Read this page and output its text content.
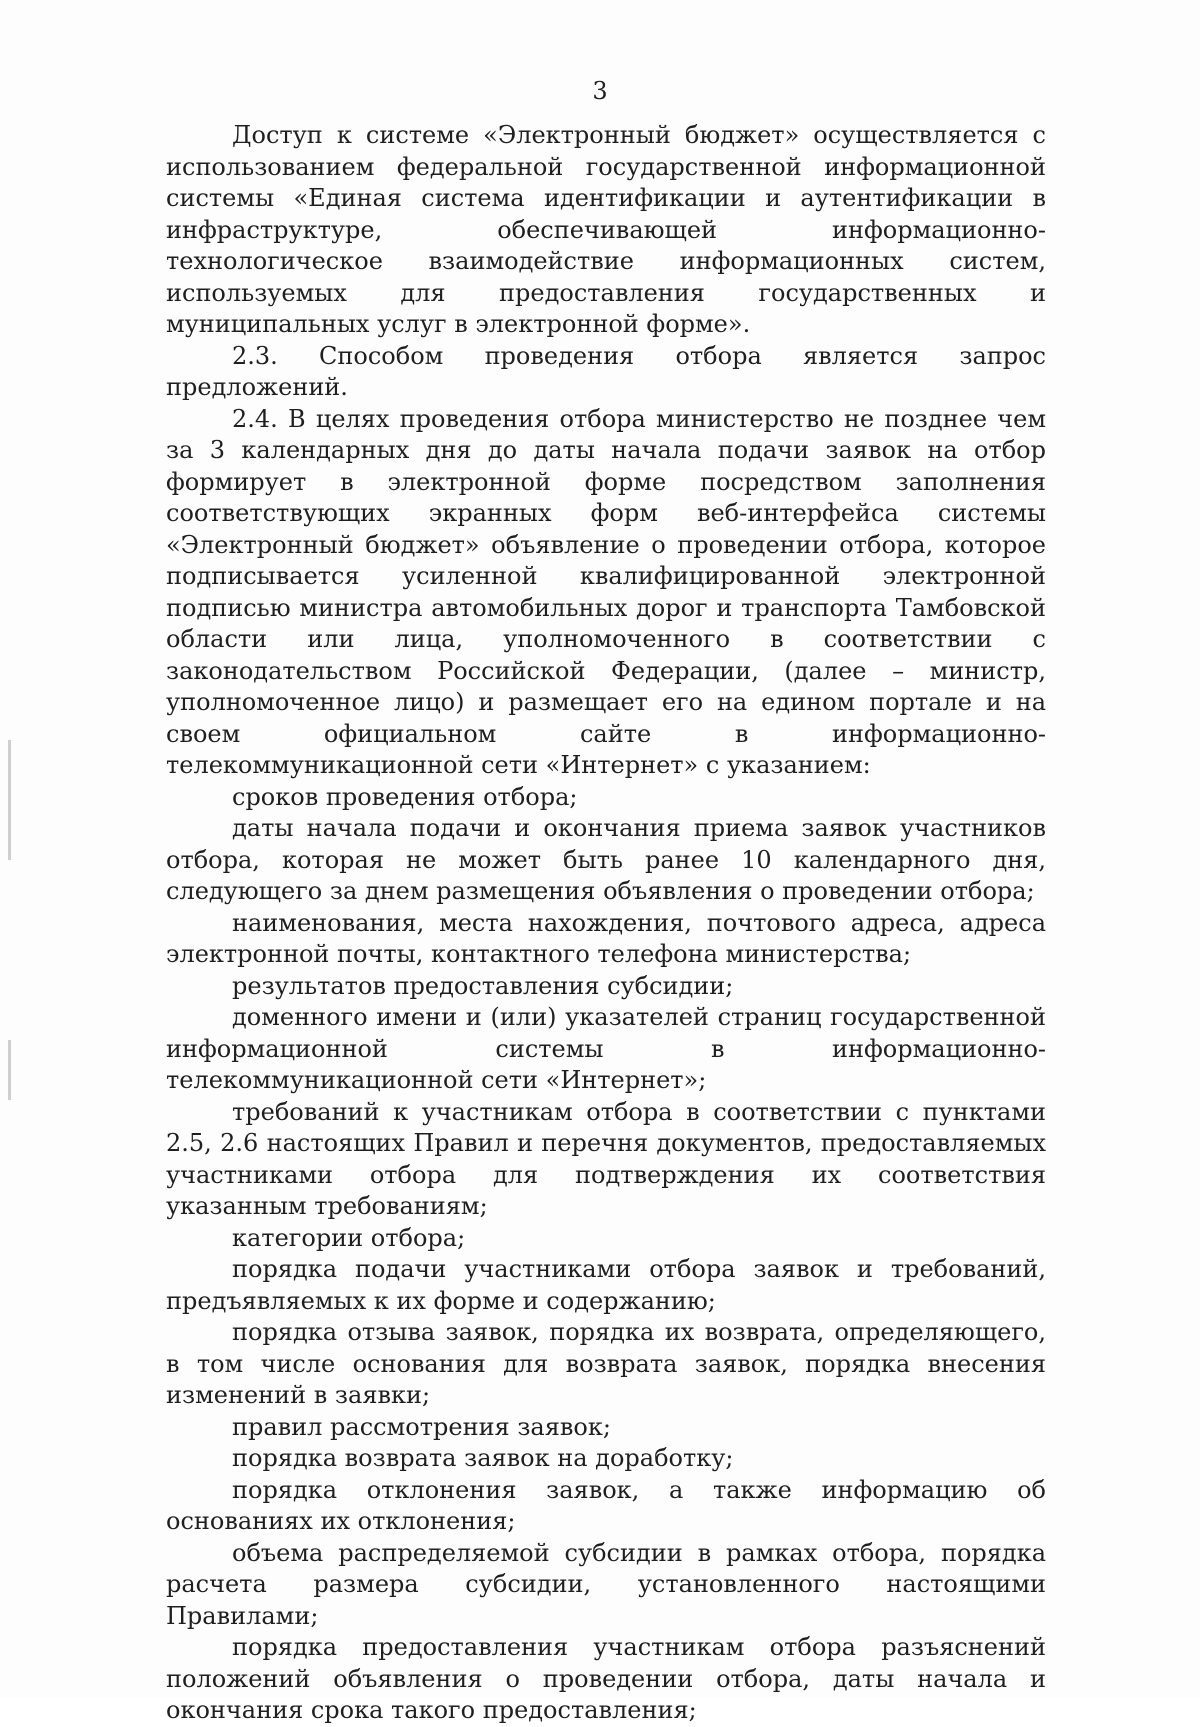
3

Доступ к системе «Электронный бюджет» осуществляется с использованием федеральной государственной информационной системы «Единая система идентификации и аутентификации в инфраструктуре, обеспечивающей информационно-технологическое взаимодействие информационных систем, используемых для предоставления государственных и муниципальных услуг в электронной форме».

2.3. Способом проведения отбора является запрос предложений.

2.4. В целях проведения отбора министерство не позднее чем за 3 календарных дня до даты начала подачи заявок на отбор формирует в электронной форме посредством заполнения соответствующих экранных форм веб-интерфейса системы «Электронный бюджет» объявление о проведении отбора, которое подписывается усиленной квалифицированной электронной подписью министра автомобильных дорог и транспорта Тамбовской области или лица, уполномоченного в соответствии с законодательством Российской Федерации, (далее – министр, уполномоченное лицо) и размещает его на едином портале и на своем официальном сайте в информационно-телекоммуникационной сети «Интернет» с указанием:

сроков проведения отбора;

даты начала подачи и окончания приема заявок участников отбора, которая не может быть ранее 10 календарного дня, следующего за днем размещения объявления о проведении отбора;

наименования, места нахождения, почтового адреса, адреса электронной почты, контактного телефона министерства;

результатов предоставления субсидии;

доменного имени и (или) указателей страниц государственной информационной системы в информационно-телекоммуникационной сети «Интернет»;

требований к участникам отбора в соответствии с пунктами 2.5, 2.6 настоящих Правил и перечня документов, предоставляемых участниками отбора для подтверждения их соответствия указанным требованиям;

категории отбора;

порядка подачи участниками отбора заявок и требований, предъявляемых к их форме и содержанию;

порядка отзыва заявок, порядка их возврата, определяющего, в том числе основания для возврата заявок, порядка внесения изменений в заявки;

правил рассмотрения заявок;

порядка возврата заявок на доработку;

порядка отклонения заявок, а также информацию об основаниях их отклонения;

объема распределяемой субсидии в рамках отбора, порядка расчета размера субсидии, установленного настоящими Правилами;

порядка предоставления участникам отбора разъяснений положений объявления о проведении отбора, даты начала и окончания срока такого предоставления;
